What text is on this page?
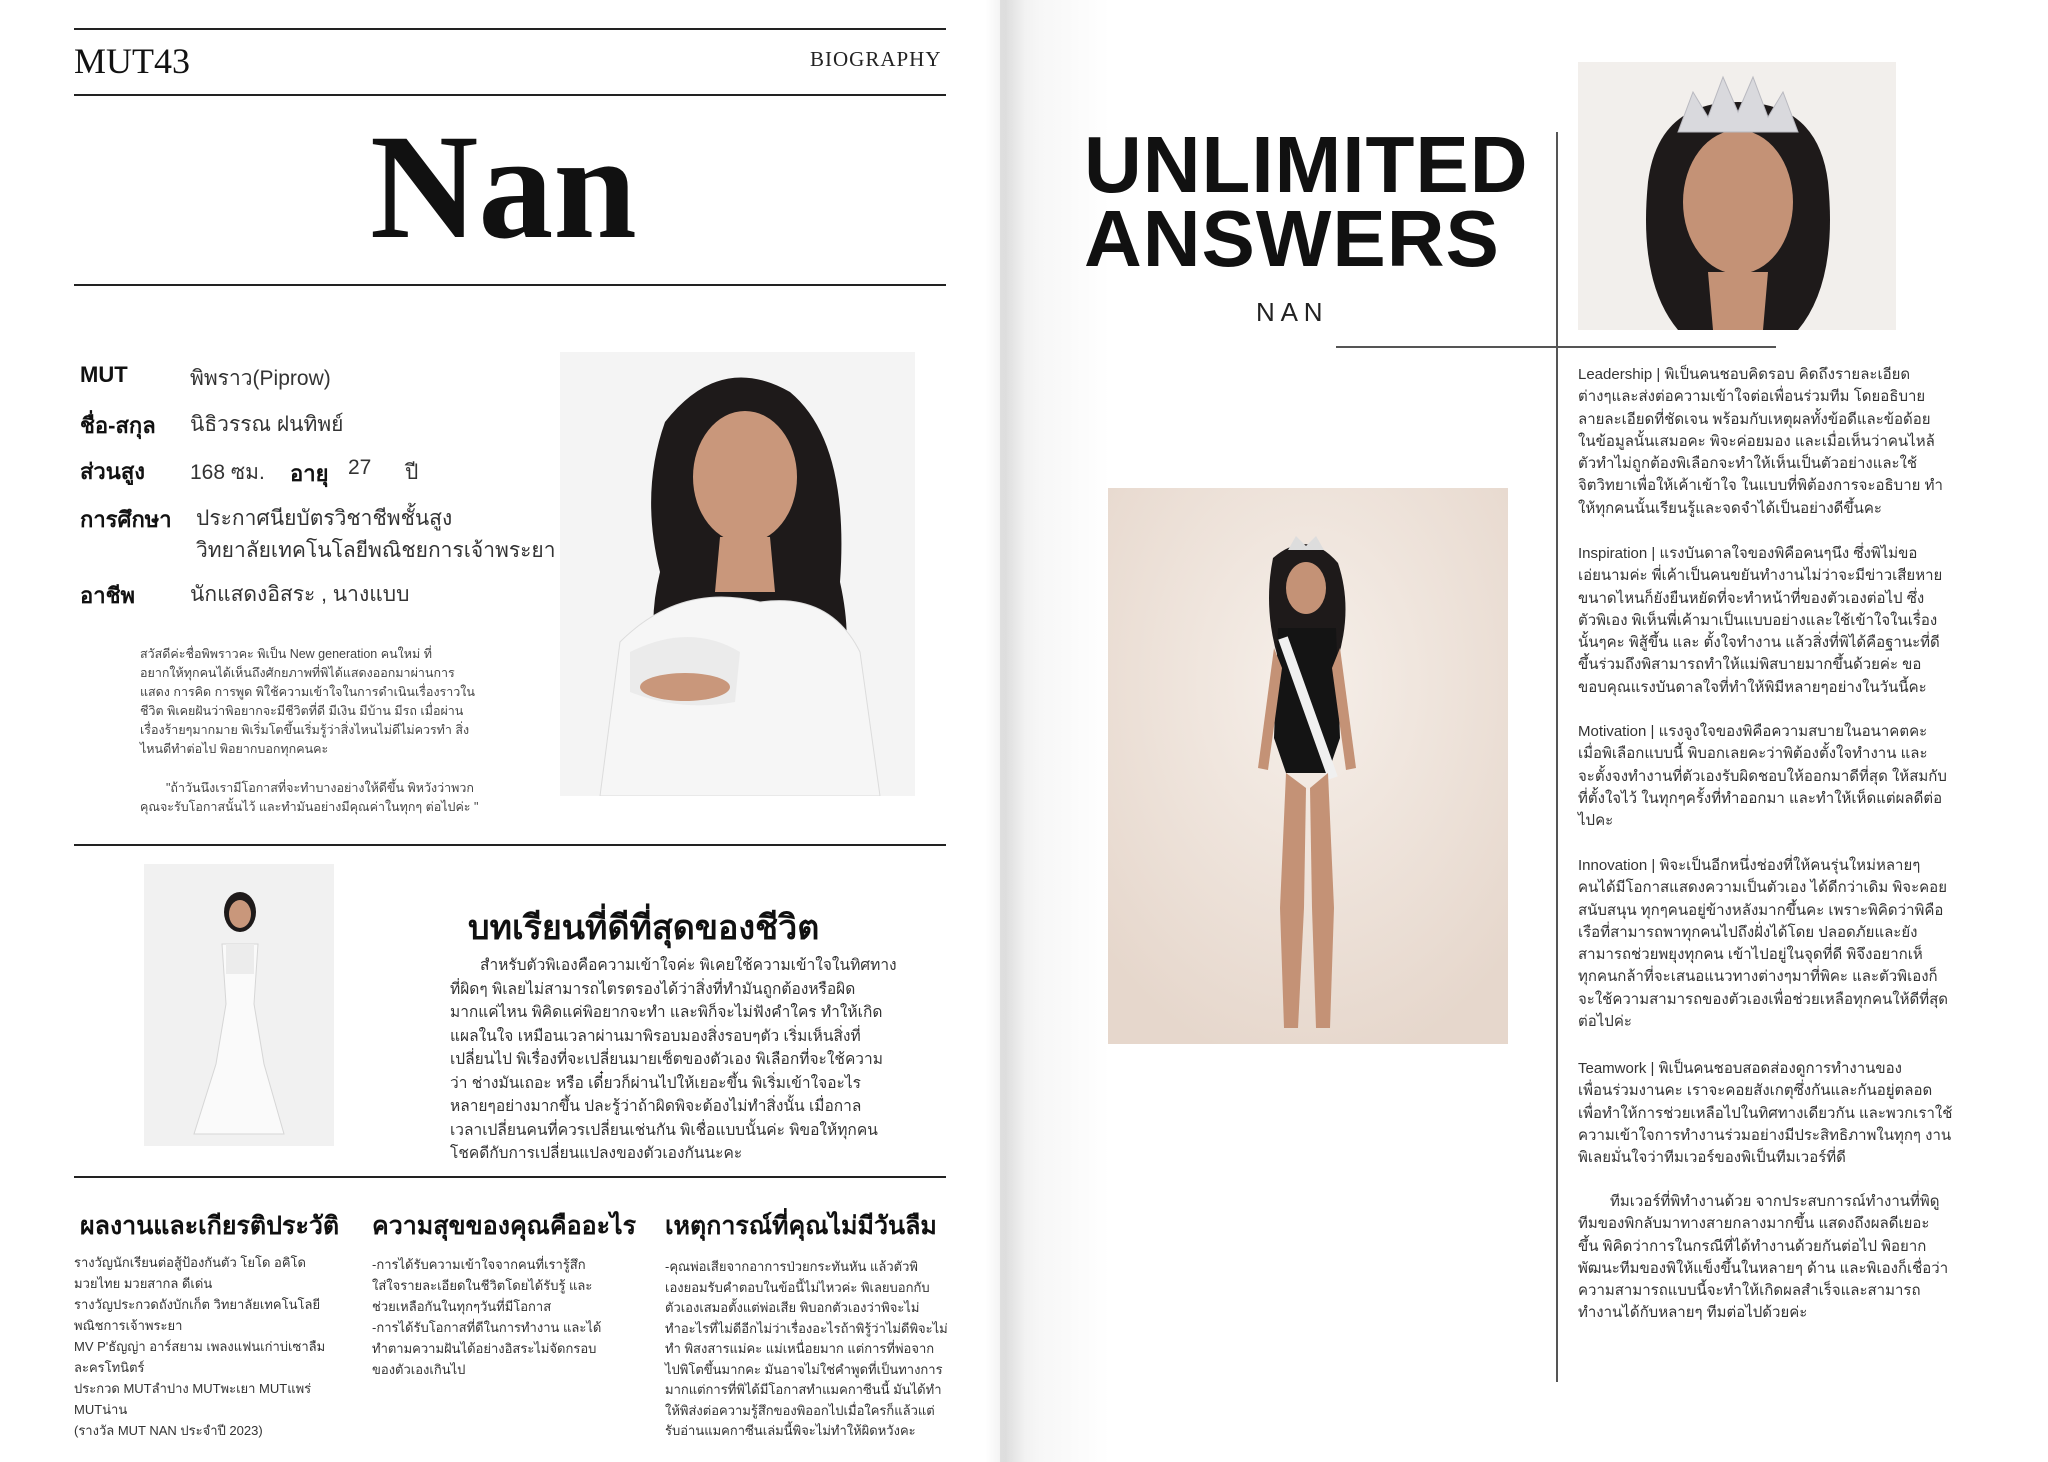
MUT43	BIOGRAPHY
Nan
MUT	พิพราว(Piprow)
ชื่อ-สกุล นิธิวรรณ ฝนทิพย์
ส่วนสูง 168 ซม. อายุ 27 ปี
การศึกษา ประกาศนียบัตรวิชาชีพชั้นสูง
วิทยาลัยเทคโนโลยีพณิชยการเจ้าพระยา
อาชีพ	นักแสดงอิสระ , นางแบบ
สวัสดีค่ะชื่อพิพราวคะ พิเป็น New generation คนใหม่ ที่
อยากให้ทุกคนได้เห็นถึงศักยภาพที่พิได้แสดงออกมาผ่านการ
แสดง การคิด การพูด พิใช้ความเข้าใจในการดำเนินเรื่องราวใน
ชีวิต พิเคยฝันว่าพิอยากจะมีชีวิตที่ดี มีเงิน มีบ้าน มีรถ เมื่อผ่าน
เรื่องร้ายๆมากมาย พิเริ่มโตขึ้นเริ่มรู้ว่าสิ่งไหนไม่ดีไม่ควรทำ สิ่ง
ไหนดีทำต่อไป พิอยากบอกทุกคนคะ
"ถ้าวันนึงเรามีโอกาสที่จะทำบางอย่างให้ดีขึ้น พิหวังว่าพวก
คุณจะรับโอกาสนั้นไว้ และทำมันอย่างมีคุณค่าในทุกๆ ต่อไปค่ะ "
บทเรียนที่ดีที่สุดของชีวิต
สำหรับตัวพิเองคือความเข้าใจค่ะ พิเคยใช้ความเข้าใจในทิศทาง
ที่ผิดๆ พิเลยไม่สามารถไตรตรองได้ว่าสิ่งที่ทำมันถูกต้องหรือผิด
มากแค่ไหน พิคิดแค่พิอยากจะทำ และพิก็จะไม่ฟังคำใคร ทำให้เกิด
แผลในใจ เหมือนเวลาผ่านมาพิรอบมองสิ่งรอบๆตัว เริ่มเห็นสิ่งที่
เปลี่ยนไป พิเรื่องที่จะเปลี่ยนมายเซ็ตของตัวเอง พิเลือกที่จะใช้ความ
ว่า ช่างมันเถอะ หรือ เดี๋ยวก็ผ่านไปให้เยอะขึ้น พิเริ่มเข้าใจอะไร
หลายๆอย่างมากขึ้น ปละรู้ว่าถ้าผิดพิจะต้องไม่ทำสิ่งนั้น เมื่อกาล
เวลาเปลี่ยนคนที่ควรเปลี่ยนเช่นกัน พิเชื่อแบบนั้นค่ะ พิขอให้ทุกคน
โชคดีกับการเปลี่ยนแปลงของตัวเองกันนะคะ
ผลงานและเกียรติประวัติ
รางวัญนักเรียนต่อสู้ป้องกันตัว โยโด อคิโด
มวยไทย มวยสากล ดีเด่น
รางวัญประกวดถังบักเก็ต วิทยาลัยเทคโนโลยี
พณิชการเจ้าพระยา
MV P'ธัญญ่า อาร์สยาม เพลงแฟนเก่าบ่เซาลืม
ละครโทนิตร์
ประกวด MUTลำปาง MUTพะเยา MUTแพร่
MUTน่าน
(รางวัล MUT NAN ประจำปี 2023)
ความสุขของคุณคืออะไร
-การได้รับความเข้าใจจากคนที่เรารู้สึก
ใส่ใจรายละเอียดในชีวิตโดยได้รับรู้ และ
ช่วยเหลือกันในทุกๆวันที่มีโอกาส
-การได้รับโอกาสที่ดีในการทำงาน และได้
ทำตามความฝันได้อย่างอิสระไม่จัดกรอบ
ของตัวเองเกินไป
เหตุการณ์ที่คุณไม่มีวันลืม
-คุณพ่อเสียจากอาการป่วยกระทันหัน แล้วตัวพิ
เองยอมรับคำตอบในข้อนี้ไม่ไหวค่ะ พิเลยบอกกับ
ตัวเองเสมอตั้งแต่พ่อเสีย พิบอกตัวเองว่าพิจะไม่
ทำอะไรที่ไม่ดีอีกไม่ว่าเรื่องอะไรถ้าพิรู้ว่าไม่ดีพิจะไม่
ทำ พิสงสารแม่คะ แม่เหนื่อยมาก แต่การที่พ่อจาก
ไปพิโตขึ้นมากคะ มันอาจไม่ใช่คำพูดที่เป็นทางการ
มากแต่การที่พิได้มีโอกาสทำแมคกาซีนนี้ มันได้ทำ
ให้พิส่งต่อความรู้สึกของพิออกไปเมื่อใครก็แล้วแต่
รับอ่านแมคกาซีนเล่มนี้พิจะไม่ทำให้ผิดหวังคะ
UNLIMITED
ANSWERS
N A N
Leadership | พิเป็นคนชอบคิดรอบ คิดถึงรายละเอียด
ต่างๆและส่งต่อความเข้าใจต่อเพื่อนร่วมทีม โดยอธิบาย
ลายละเอียดที่ชัดเจน พร้อมกับเหตุผลทั้งข้อดีและข้อด้อย
ในข้อมูลนั้นเสมอคะ พิจะค่อยมอง และเมื่อเห็นว่าคนไหล้
ตัวทำไม่ถูกต้องพิเลือกจะทำให้เห็นเป็นตัวอย่างและใช้
จิตวิทยาเพื่อให้เค้าเข้าใจ ในแบบที่พิต้องการจะอธิบาย ทำ
ให้ทุกคนนั้นเรียนรู้และจดจำได้เป็นอย่างดีขึ้นคะ
Inspiration | แรงบันดาลใจของพิคือคนๆนึง ซึ่งพิไม่ขอ
เอ่ยนามค่ะ พี่เค้าเป็นคนขยันทำงานไม่ว่าจะมีข่าวเสียหาย
ขนาดไหนก็ยังยืนหยัดที่จะทำหน้าที่ของตัวเองต่อไป ซึ่ง
ตัวพิเอง พิเห็นพี่เค้ามาเป็นแบบอย่างและใช้เข้าใจในเรื่อง
นั้นๆคะ พิสู้ขึ้น และ ตั้งใจทำงาน แล้วสิ่งที่พิได้คือฐานะที่ดี
ขึ้นร่วมถึงพิสามารถทำให้แม่พิสบายมากขึ้นด้วยค่ะ ขอ
ขอบคุณแรงบันดาลใจที่ทำให้พิมีหลายๆอย่างในวันนี้คะ
Motivation | แรงจูงใจของพิคือความสบายในอนาคตคะ
เมื่อพิเลือกแบบนี้ พิบอกเลยคะว่าพิต้องตั้งใจทำงาน และ
จะตั้งจงทำงานที่ตัวเองรับผิดชอบให้ออกมาดีที่สุด ให้สมกับ
ที่ตั้งใจไว้ ในทุกๆครั้งที่ทำออกมา และทำให้เห็ดแต่ผลดีต่อ
ไปคะ
Innovation | พิจะเป็นอีกหนึ่งช่องที่ให้คนรุ่นใหม่หลายๆ
คนได้มีโอกาสแสดงความเป็นตัวเอง ได้ดีกว่าเดิม พิจะคอย
สนับสนุน ทุกๆคนอยู่ข้างหลังมากขึ้นคะ เพราะพิคิดว่าพิคือ
เรือที่สามารถพาทุกคนไปถึงฝั่งได้โดย ปลอดภัยและยัง
สามารถช่วยพยุงทุกคน เข้าไปอยู่ในจุดที่ดี พิจึงอยากเห็
ทุกคนกล้าที่จะเสนอแนวทางต่างๆมาที่พิคะ และตัวพิเองก็
จะใช้ความสามารถของตัวเองเพื่อช่วยเหลือทุกคนให้ดีที่สุด
ต่อไปค่ะ
Teamwork | พิเป็นคนชอบสอดส่องดูการทำงานของ
เพื่อนร่วมงานคะ เราจะคอยสังเกตุซึ่งกันและกันอยู่ตลอด
เพื่อทำให้การช่วยเหลือไปในทิศทางเดียวกัน และพวกเราใช้
ความเข้าใจการทำงานร่วมอย่างมีประสิทธิภาพในทุกๆ งาน
พิเลยมั่นใจว่าทีมเวอร์ของพิเป็นทีมเวอร์ที่ดี
ทีมเวอร์ที่พิทำงานด้วย จากประสบการณ์ทำงานที่พิดู
ทีมของพิกลับมาทางสายกลางมากขึ้น แสดงถึงผลดีเยอะ
ขึ้น พิคิดว่าการในกรณีที่ได้ทำงานด้วยกันต่อไป พิอยาก
พัฒนะทีมของพิให้แข็งขึ้นในหลายๆ ด้าน และพิเองก็เชื่อว่า
ความสามารถแบบนี้จะทำให้เกิดผลสำเร็จและสามารถ
ทำงานได้กับหลายๆ ทีมต่อไปด้วยค่ะ
